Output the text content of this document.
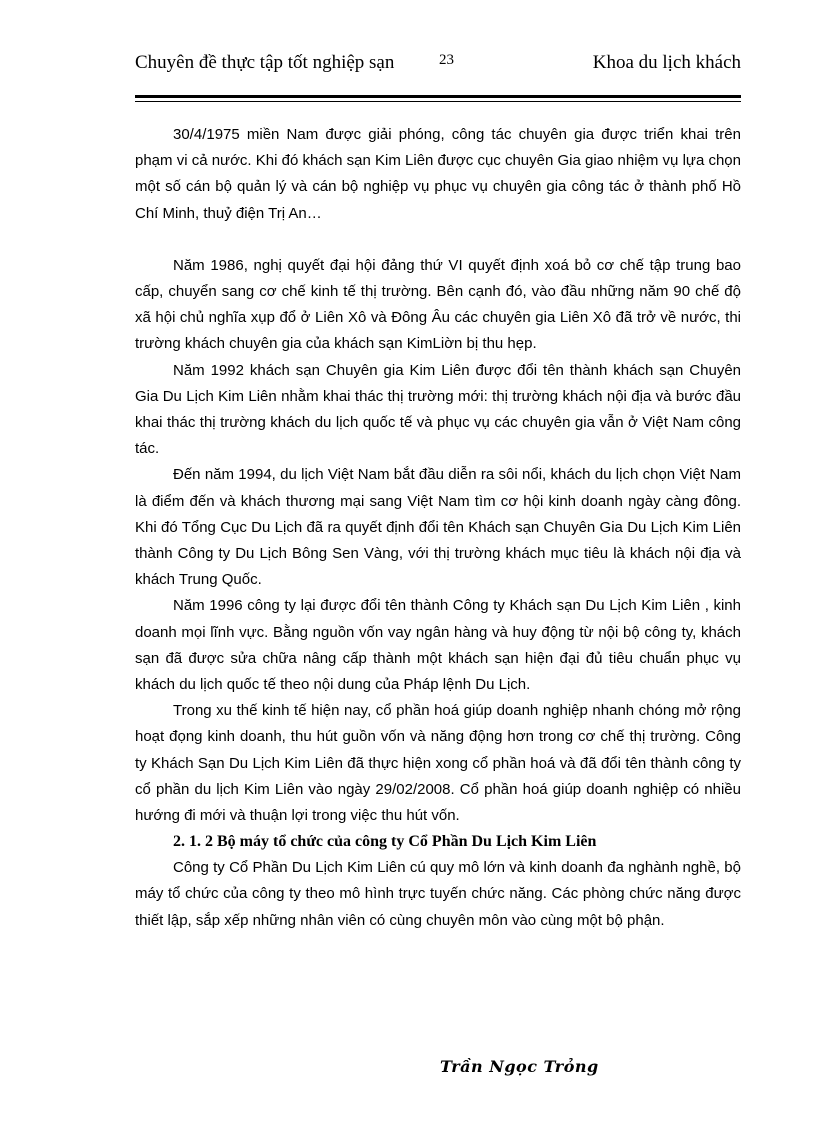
Chuyên đề thực tập tốt nghiệp sạn	23	Khoa du lịch khách

30/4/1975 miền Nam được giải phóng, công tác chuyên gia được triển khai trên phạm vi cả nước. Khi đó khách sạn Kim Liên được cục chuyên Gia giao nhiệm vụ lựa chọn một số cán bộ quản lý và cán bộ nghiệp vụ phục vụ chuyên gia công tác ở thành phố Hồ Chí Minh, thuỷ điện Trị An…

Năm 1986, nghị quyết đại hội đảng thứ VI quyết định xoá bỏ cơ chế tập trung bao cấp, chuyển sang cơ chế kinh tế thị trường. Bên cạnh đó, vào đầu những năm 90 chế độ xã hội chủ nghĩa xụp đổ ở Liên Xô và Đông Âu các chuyên gia Liên Xô đã trở về nước, thi trường khách chuyên gia của khách sạn KimLiờn bị thu hẹp.

Năm 1992 khách sạn Chuyên gia Kim Liên được đổi tên thành khách sạn Chuyên Gia Du Lịch Kim Liên nhằm khai thác thị trường mới: thị trường khách nội địa và bước đầu khai thác thị trường khách du lịch quốc tế và phục vụ các chuyên gia vẫn ở Việt Nam công tác.

Đến năm 1994, du lịch Việt Nam bắt đầu diễn ra sôi nổi, khách du lịch chọn Việt Nam là điểm đến và khách thương mại sang Việt Nam tìm cơ hội kinh doanh ngày càng đông. Khi đó Tổng Cục Du Lịch đã ra quyết định đổi tên Khách sạn Chuyên Gia Du Lịch Kim Liên thành Công ty Du Lịch Bông Sen Vàng, với thị trường khách mục tiêu là khách nội địa và khách Trung Quốc.

Năm 1996 công ty lại được đổi tên thành Công ty Khách sạn Du Lịch Kim Liên , kinh doanh mọi lĩnh vực. Bằng nguồn vốn vay ngân hàng và huy động từ nội bộ công ty, khách sạn đã được sửa chữa nâng cấp thành một khách sạn hiện đại đủ tiêu chuẩn phục vụ khách du lịch quốc tế theo nội dung của Pháp lệnh Du Lịch.

Trong xu thế kinh tế hiện nay, cổ phần hoá giúp doanh nghiệp nhanh chóng mở rộng hoạt đọng kinh doanh, thu hút guồn vốn và năng động hơn trong cơ chế thị trường. Công ty Khách Sạn Du Lịch Kim Liên đã thực hiện xong cổ phần hoá và đã đổi tên thành công ty cổ phần du lịch Kim Liên vào ngày 29/02/2008. Cổ phần hoá giúp doanh nghiệp có nhiều hướng đi mới và thuận lợi trong việc thu hút vốn.

2. 1. 2 Bộ máy tổ chức của công ty Cổ Phần Du Lịch Kim Liên

Công ty Cổ Phần Du Lịch Kim Liên cú quy mô lớn và kinh doanh đa nghành nghề, bộ máy tổ chức của công ty theo mô hình trực tuyến chức năng. Các phòng chức năng được thiết lập, sắp xếp những nhân viên có cùng chuyên môn vào cùng một bộ phận.

Trần Ngọc Trỏng
